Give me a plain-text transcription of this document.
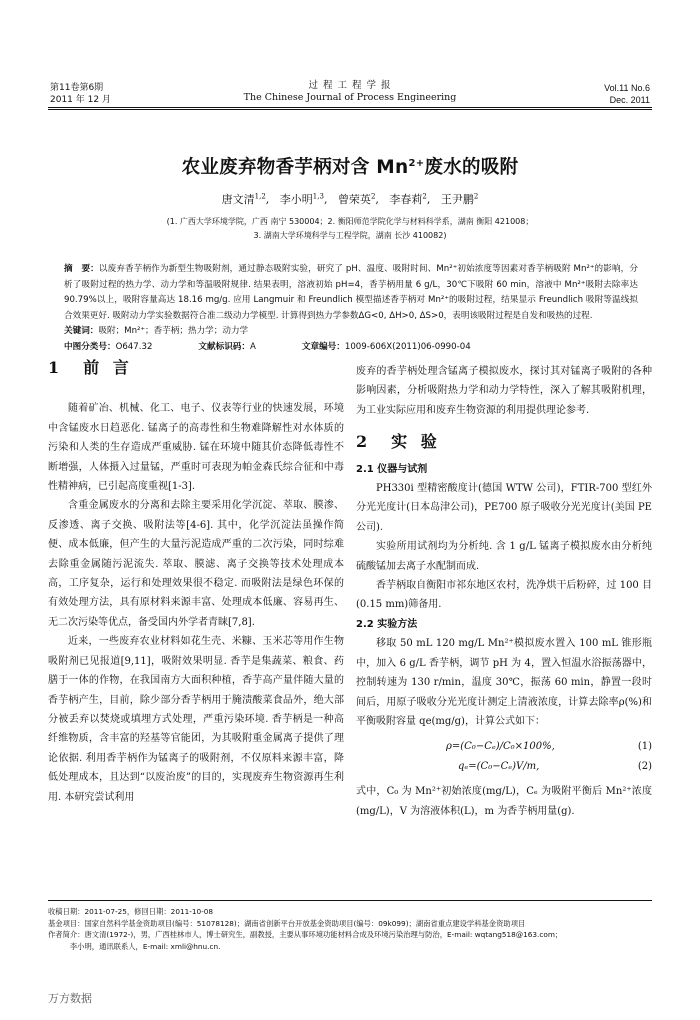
第11卷第6期
2011 年 12 月
过 程 工 程 学 报
The Chinese Journal of Process Engineering
Vol.11 No.6
Dec. 2011
农业废弃物香芋柄对含 $Mn^{2+}$废水的吸附
唐文清$^{1,2}$,   李小明$^{1,3}$,   曾荣英$^2$,   李春莉$^2$,   王尹鹏$^2$
(1. 广西大学环境学院，广西 南宁 530004；2. 衡阳师范学院化学与材料科学系，湖南 衡阳 421008；
3. 湖南大学环境科学与工程学院，湖南 长沙 410082)
摘　要：以废弃香芋柄作为新型生物吸附剂，通过静态吸附实验，研究了 pH、温度、吸附时间、Mn²⁺初始浓度等因素对香芋柄吸附 Mn²⁺的影响，分析了吸附过程的热力学、动力学和等温吸附规律. 结果表明，溶液初始 pH=4，香芋柄用量 6 g/L，30℃下吸附 60 min，溶液中 Mn²⁺吸附去除率达 90.79%以上，吸附容量高达 18.16 mg/g. 应用 Langmuir 和 Freundlich 模型描述香芋柄对 Mn²⁺的吸附过程，结果显示 Freundlich 吸附等温线拟合效果更好. 吸附动力学实验数据符合准二级动力学模型. 计算得到热力学参数ΔG<0, ΔH>0, ΔS>0，表明该吸附过程是自发和吸热的过程.
关键词：吸附；Mn²⁺；香芋柄；热力学；动力学
中图分类号：O647.32	文献标识码：A	文章编号：1009-606X(2011)06-0990-04
1　前 言

随着矿冶、机械、化工、电子、仪表等行业的快速发展，环境中含锰废水日趋恶化. 锰离子的高毒性和生物难降解性对水体质的污染和人类的生存造成严重威胁. 锰在环境中随其价态降低毒性不断增强，人体摄入过量锰，严重时可表现为帕金森氏综合征和中毒性精神病，已引起高度重视[1-3].

含重金属废水的分离和去除主要采用化学沉淀、萃取、膜渗、反渗透、离子交换、吸附法等[4-6]. 其中，化学沉淀法虽操作简便、成本低廉，但产生的大量污泥造成严重的二次污染，同时综难去除重金属随污泥流失. 萃取、膜滤、离子交换等技术处理成本高，工序复杂，运行和处理效果很不稳定. 而吸附法是绿色环保的有效处理方法，具有原材料来源丰富、处理成本低廉、容易再生、无二次污染等优点，备受国内外学者青睐[7,8].

近来，一些废弃农业材料如花生壳、米糠、玉米芯等用作生物吸附剂已见报道[9,11]，吸附效果明显. 香芋是集蔬菜、粮食、药膳于一体的作物，在我国南方大面积种植，香芋高产量伴随大量的香芋柄产生，目前，除少部分香芋柄用于腌渍酸菜食品外，绝大部分被丢弃以焚烧或填埋方式处理，严重污染环境. 香芋柄是一种高纤维物质，含丰富的羟基等官能团，为其吸附重金属离子提供了理论依据. 利用香芋柄作为锰离子的吸附剂，不仅原料来源丰富，降低处理成本，且达到“以废治废”的目的，实现废弃生物资源再生利用. 本研究尝试利用

废弃的香芋柄处理含锰离子模拟废水，探讨其对锰离子吸附的各种影响因素，分析吸附热力学和动力学特性，深入了解其吸附机理，为工业实际应用和废弃生物资源的利用提供理论参考.

2　实 验
2.1 仪器与试剂

PH330i 型精密酸度计(德国 WTW 公司)，FTIR-700 型红外分光光度计(日本岛津公司)，PE700 原子吸收分光光度计(美国 PE 公司).

实验所用试剂均为分析纯. 含 1 g/L 锰离子模拟废水由分析纯硫酸锰加去离子水配制而成.

香芋柄取自衡阳市祁东地区农村，洗净烘干后粉碎，过 100 目(0.15 mm)筛备用.

2.2 实验方法

移取 50 mL 120 mg/L Mn²⁺模拟废水置入 100 mL 锥形瓶中，加入 6 g/L 香芋柄，调节 pH 为 4，置入恒温水浴振荡器中，控制转速为 130 r/min，温度 30℃，振荡 60 min，静置一段时间后，用原子吸收分光光度计测定上清液浓度，计算去除率ρ(%)和平衡吸附容量 qe(mg/g)，计算公式如下：

ρ=(C₀−Cₑ)/C₀×100%,	(1)
qₑ=(C₀−Cₑ)V/m,	(2)

式中，C₀ 为 Mn²⁺初始浓度(mg/L)，Cₑ 为吸附平衡后 Mn²⁺浓度(mg/L)，V 为溶液体积(L)，m 为香芋柄用量(g).

收稿日期：2011-07-25，修回日期：2011-10-08
基金项目：国家自然科学基金资助项目(编号：51078128)；湖南省创新平台开放基金资助项目(编号：09k099)；湖南省重点建设学科基金资助项目
作者简介：唐文清(1972-)，男，广西桂林市人，博士研究生，副教授，主要从事环境功能材料合成及环境污染治理与防治，E-mail: wqtang518@163.com；
李小明，通讯联系人，E-mail: xmli@hnu.cn.
万方数据
